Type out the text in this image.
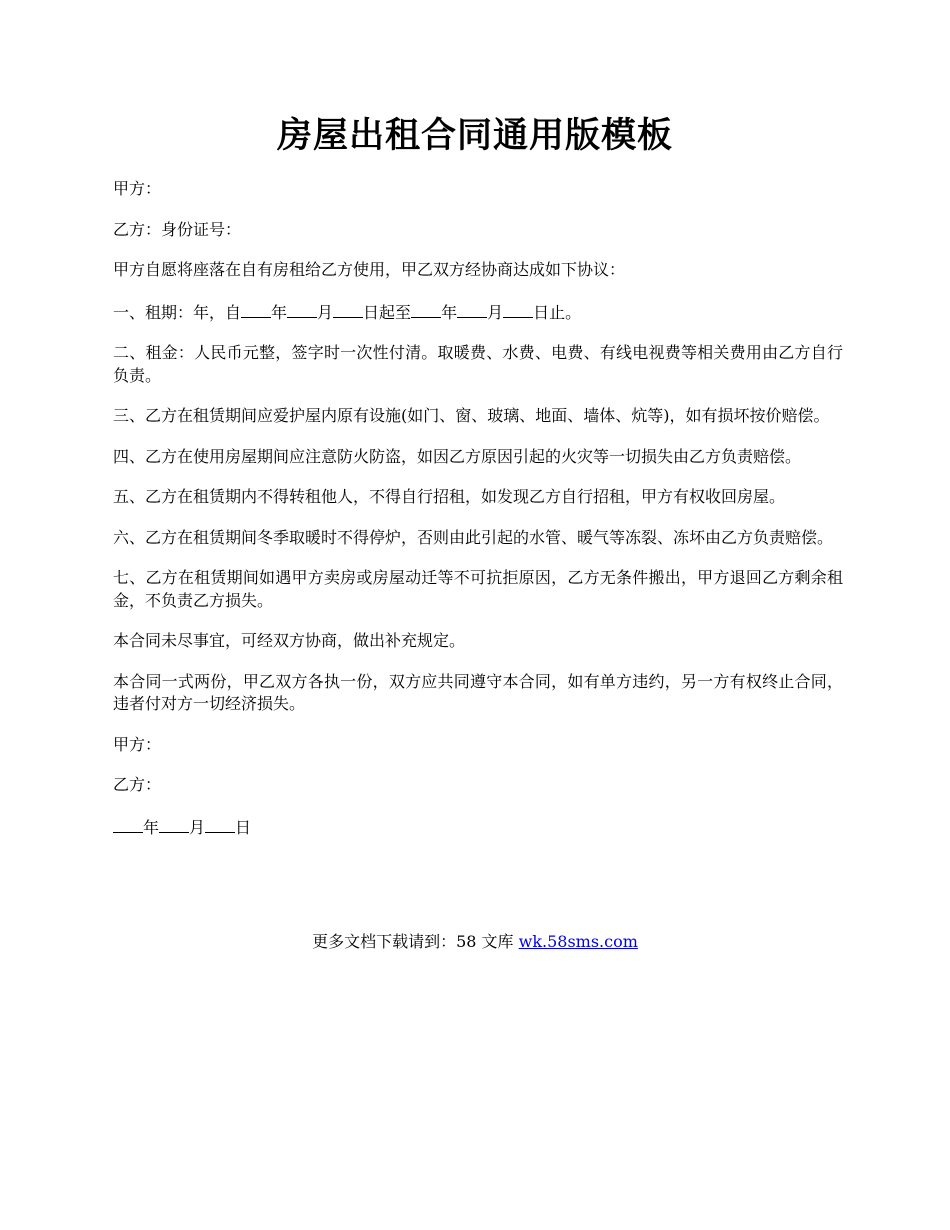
房屋出租合同通用版模板

甲方：

乙方：身份证号：

甲方自愿将座落在自有房租给乙方使用，甲乙双方经协商达成如下协议：

一、租期：年，自 年 月 日起至 年 月 日止。

二、租金：人民币元整，签字时一次性付清。取暖费、水费、电费、有线电视费等相关费用由乙方自行负责。

三、乙方在租赁期间应爱护屋内原有设施(如门、窗、玻璃、地面、墙体、炕等)，如有损坏按价赔偿。

四、乙方在使用房屋期间应注意防火防盗，如因乙方原因引起的火灾等一切损失由乙方负责赔偿。

五、乙方在租赁期内不得转租他人，不得自行招租，如发现乙方自行招租，甲方有权收回房屋。

六、乙方在租赁期间冬季取暖时不得停炉，否则由此引起的水管、暖气等冻裂、冻坏由乙方负责赔偿。

七、乙方在租赁期间如遇甲方卖房或房屋动迁等不可抗拒原因，乙方无条件搬出，甲方退回乙方剩余租金，不负责乙方损失。

本合同未尽事宜，可经双方协商，做出补充规定。

本合同一式两份，甲乙双方各执一份，双方应共同遵守本合同，如有单方违约，另一方有权终止合同，违者付对方一切经济损失。

甲方：

乙方：

年 月 日

更多文档下载请到：58 文库 wk.58sms.com
